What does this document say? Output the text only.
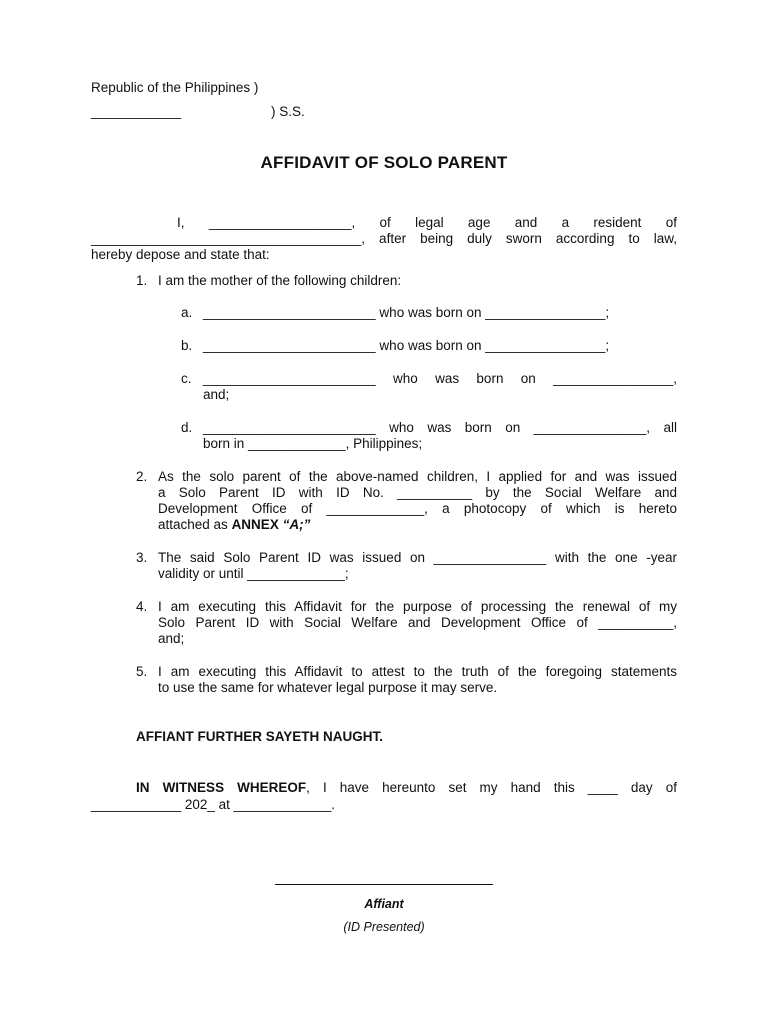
Republic of the Philippines )
____________	) S.S.
AFFIDAVIT OF SOLO PARENT
I, ___________________, of legal age and a resident of
____________________________________, after being duly sworn according to law,
hereby depose and state that:
1. I am the mother of the following children:
a. _______________________ who was born on ________________;
b. _______________________ who was born on ________________;
c. _______________________ who was born on ________________,
and;
d. _______________________ who was born on _______________, all
born in _____________, Philippines;
2. As the solo parent of the above-named children, I applied for and was issued
a Solo Parent ID with ID No. __________ by the Social Welfare and
Development Office of _____________, a photocopy of which is hereto
attached as ANNEX “A;”
3. The said Solo Parent ID was issued on _______________ with the one -year
validity or until _____________;
4. I am executing this Affidavit for the purpose of processing the renewal of my
Solo Parent ID with Social Welfare and Development Office of __________,
and;
5. I am executing this Affidavit to attest to the truth of the foregoing statements
to use the same for whatever legal purpose it may serve.
AFFIANT FURTHER SAYETH NAUGHT.
IN WITNESS WHEREOF, I have hereunto set my hand this ____ day of
____________ 202_ at _____________.
Affiant
(ID Presented)
